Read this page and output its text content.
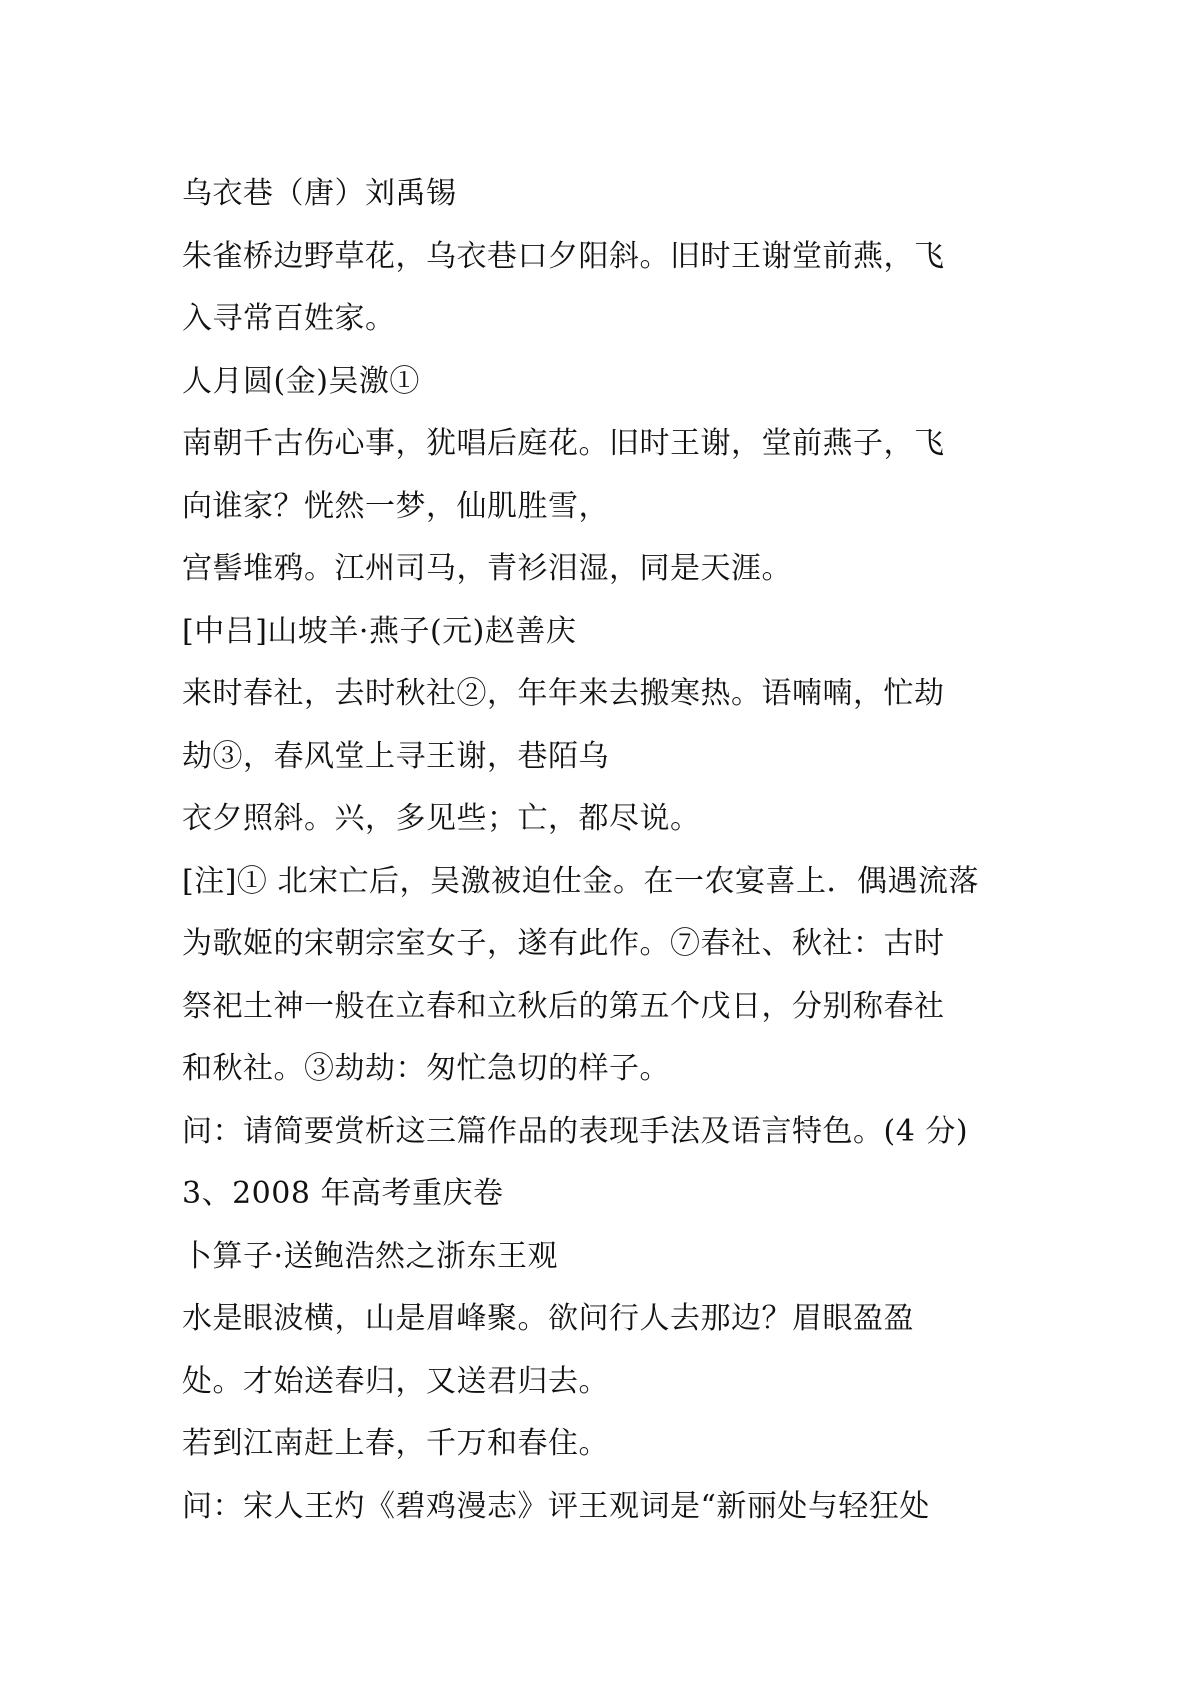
乌衣巷（唐）刘禹锡
朱雀桥边野草花，乌衣巷口夕阳斜。旧时王谢堂前燕，飞
入寻常百姓家。
人月圆(金)吴激①
南朝千古伤心事，犹唱后庭花。旧时王谢，堂前燕子，飞
向谁家？恍然一梦，仙肌胜雪，
宫髻堆鸦。江州司马，青衫泪湿，同是天涯。
[中吕]山坡羊·燕子(元)赵善庆
来时春社，去时秋社②，年年来去搬寒热。语喃喃，忙劫
劫③，春风堂上寻王谢，巷陌乌
衣夕照斜。兴，多见些；亡，都尽说。
[注]① 北宋亡后，吴激被迫仕金。在一农宴喜上．偶遇流落
为歌姬的宋朝宗室女子，遂有此作。⑦春社、秋社：古时
祭祀土神一般在立春和立秋后的第五个戊日，分别称春社
和秋社。③劫劫：匆忙急切的样子。
问：请简要赏析这三篇作品的表现手法及语言特色。(4 分)
3、2008 年高考重庆卷
卜算子·送鲍浩然之浙东王观
水是眼波横，山是眉峰聚。欲问行人去那边？眉眼盈盈
处。才始送春归，又送君归去。
若到江南赶上春，千万和春住。
问：宋人王灼《碧鸡漫志》评王观词是“新丽处与轻狂处
